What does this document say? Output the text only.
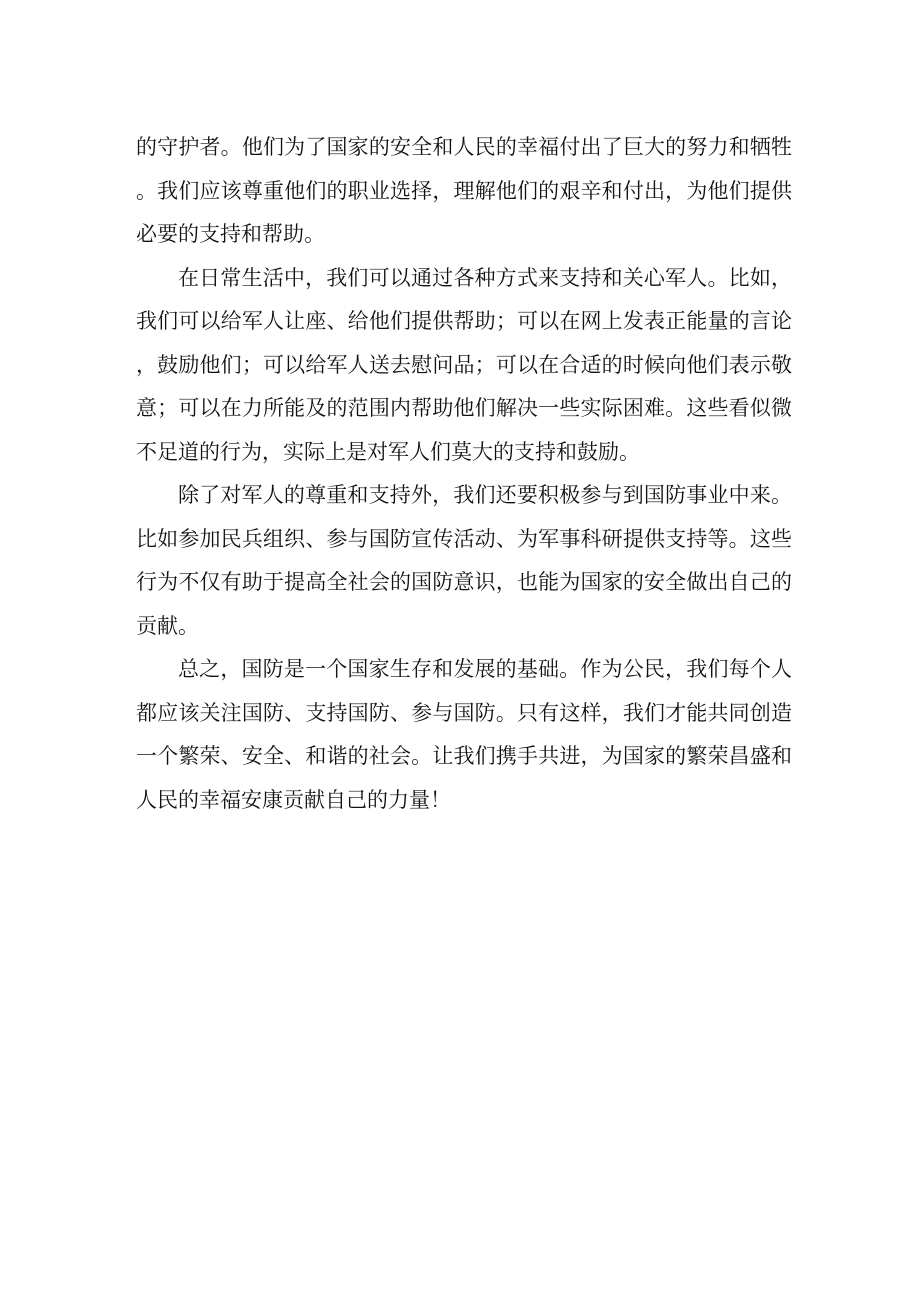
的守护者。他们为了国家的安全和人民的幸福付出了巨大的努力和牺牲。我们应该尊重他们的职业选择，理解他们的艰辛和付出，为他们提供必要的支持和帮助。

在日常生活中，我们可以通过各种方式来支持和关心军人。比如，我们可以给军人让座、给他们提供帮助；可以在网上发表正能量的言论，鼓励他们；可以给军人送去慰问品；可以在合适的时候向他们表示敬意；可以在力所能及的范围内帮助他们解决一些实际困难。这些看似微不足道的行为，实际上是对军人们莫大的支持和鼓励。

除了对军人的尊重和支持外，我们还要积极参与到国防事业中来。比如参加民兵组织、参与国防宣传活动、为军事科研提供支持等。这些行为不仅有助于提高全社会的国防意识，也能为国家的安全做出自己的贡献。

总之，国防是一个国家生存和发展的基础。作为公民，我们每个人都应该关注国防、支持国防、参与国防。只有这样，我们才能共同创造一个繁荣、安全、和谐的社会。让我们携手共进，为国家的繁荣昌盛和人民的幸福安康贡献自己的力量！
